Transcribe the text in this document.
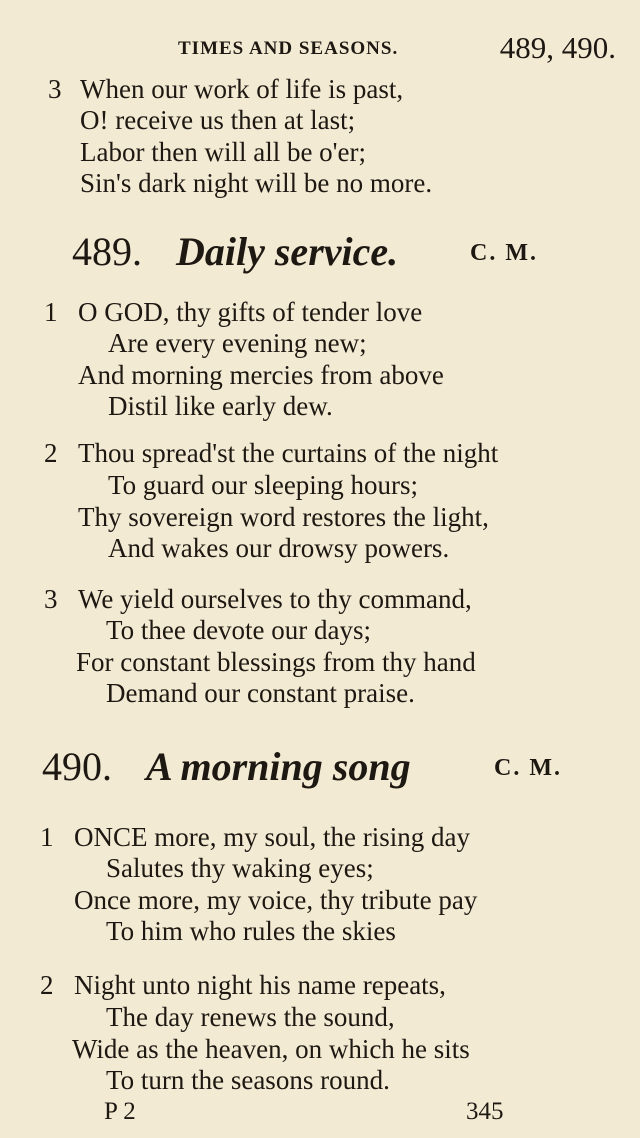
TIMES AND SEASONS.	489, 490.
3 When our work of life is past,
O! receive us then at last;
Labor then will all be o'er;
Sin's dark night will be no more.
489. Daily service.	C. M.
1 O GOD, thy gifts of tender love
Are every evening new;
And morning mercies from above
Distil like early dew.
2 Thou spread'st the curtains of the night
To guard our sleeping hours;
Thy sovereign word restores the light,
And wakes our drowsy powers.
3 We yield ourselves to thy command,
To thee devote our days;
For constant blessings from thy hand
Demand our constant praise.
490. A morning song	C. M.
1 ONCE more, my soul, the rising day
Salutes thy waking eyes;
Once more, my voice, thy tribute pay
To him who rules the skies
2 Night unto night his name repeats,
The day renews the sound,
Wide as the heaven, on which he sits
To turn the seasons round.
P 2	345
